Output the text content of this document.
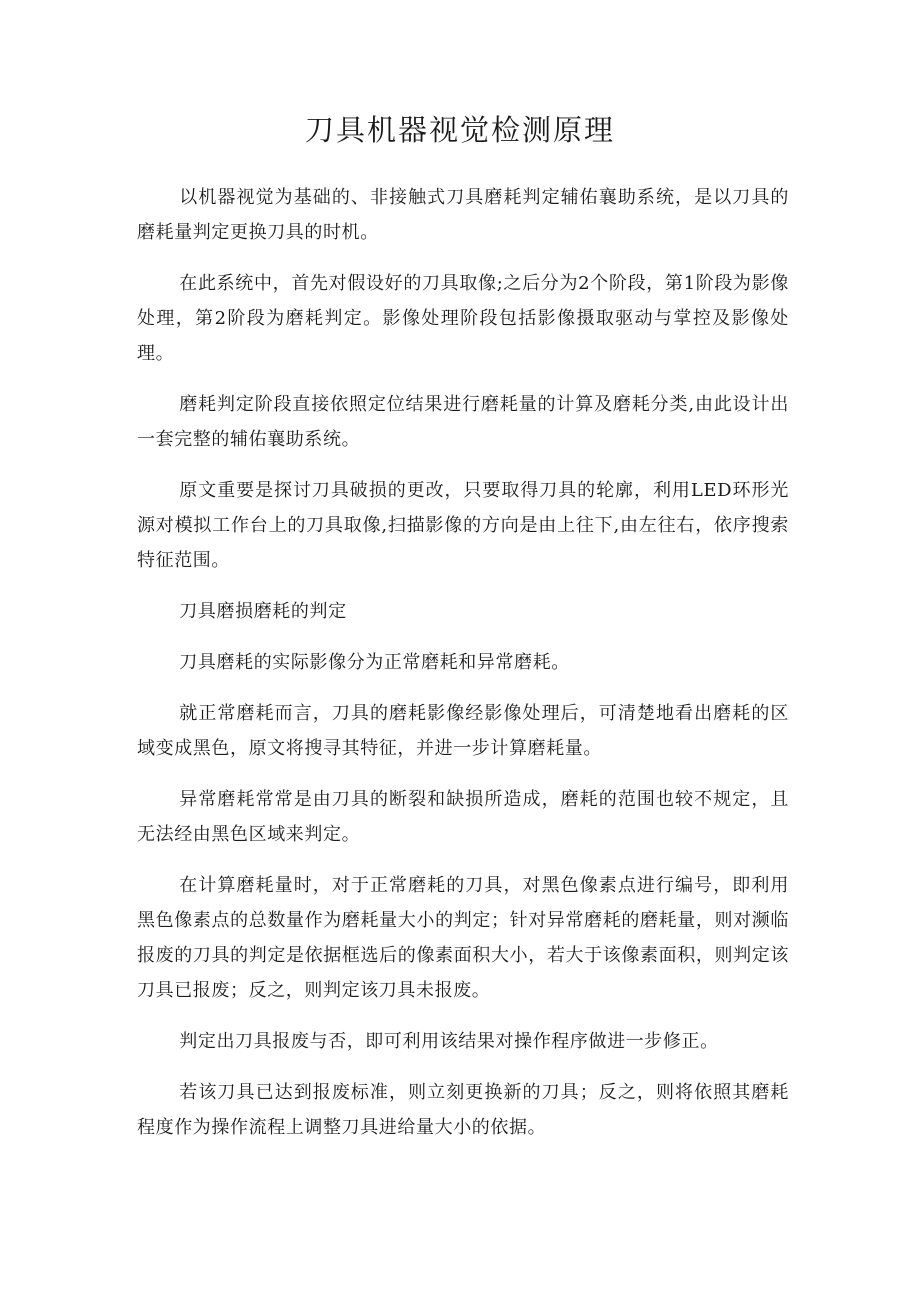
刀具机器视觉检测原理

以机器视觉为基础的、非接触式刀具磨耗判定辅佑襄助系统，是以刀具的磨耗量判定更换刀具的时机。

在此系统中，首先对假设好的刀具取像;之后分为2个阶段，第1阶段为影像处理，第2阶段为磨耗判定。影像处理阶段包括影像摄取驱动与掌控及影像处理。

磨耗判定阶段直接依照定位结果进行磨耗量的计算及磨耗分类,由此设计出一套完整的辅佑襄助系统。

原文重要是探讨刀具破损的更改，只要取得刀具的轮廓，利用LED环形光源对模拟工作台上的刀具取像,扫描影像的方向是由上往下,由左往右，依序搜索特征范围。

刀具磨损磨耗的判定

刀具磨耗的实际影像分为正常磨耗和异常磨耗。

就正常磨耗而言，刀具的磨耗影像经影像处理后，可清楚地看出磨耗的区域变成黑色，原文将搜寻其特征，并进一步计算磨耗量。

异常磨耗常常是由刀具的断裂和缺损所造成，磨耗的范围也较不规定，且无法经由黑色区域来判定。

在计算磨耗量时，对于正常磨耗的刀具，对黑色像素点进行编号，即利用黑色像素点的总数量作为磨耗量大小的判定；针对异常磨耗的磨耗量，则对濒临报废的刀具的判定是依据框选后的像素面积大小，若大于该像素面积，则判定该刀具已报废；反之，则判定该刀具未报废。

判定出刀具报废与否，即可利用该结果对操作程序做进一步修正。

若该刀具已达到报废标准，则立刻更换新的刀具；反之，则将依照其磨耗程度作为操作流程上调整刀具进给量大小的依据。
